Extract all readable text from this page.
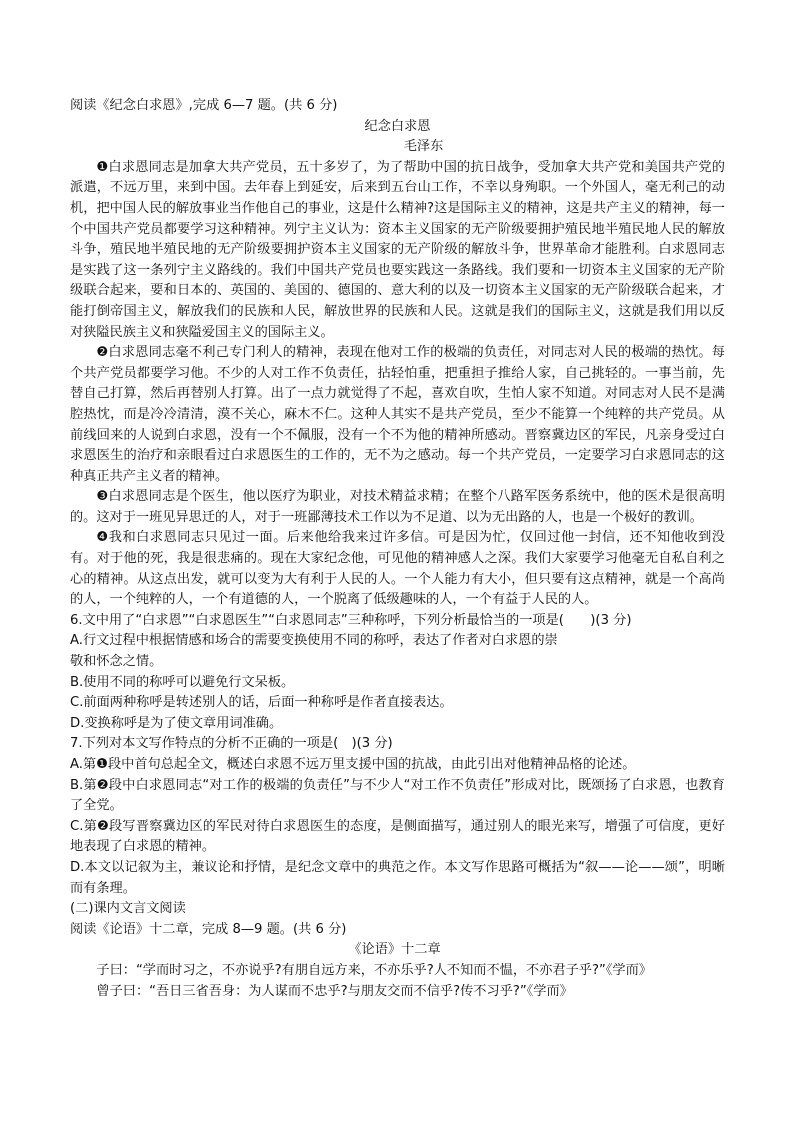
阅读《纪念白求恩》,完成 6—7 题。(共 6 分)

纪念白求恩

毛泽东

❶白求恩同志是加拿大共产党员，五十多岁了，为了帮助中国的抗日战争，受加拿大共产党和美国共产党的派遣，不远万里，来到中国。去年春上到延安，后来到五台山工作，不幸以身殉职。一个外国人，毫无利己的动机，把中国人民的解放事业当作他自己的事业，这是什么精神?这是国际主义的精神，这是共产主义的精神，每一个中国共产党员都要学习这种精神。列宁主义认为：资本主义国家的无产阶级要拥护殖民地半殖民地人民的解放斗争，殖民地半殖民地的无产阶级要拥护资本主义国家的无产阶级的解放斗争，世界革命才能胜利。白求恩同志是实践了这一条列宁主义路线的。我们中国共产党员也要实践这一条路线。我们要和一切资本主义国家的无产阶级联合起来，要和日本的、英国的、美国的、德国的、意大利的以及一切资本主义国家的无产阶级联合起来，才能打倒帝国主义，解放我们的民族和人民，解放世界的民族和人民。这就是我们的国际主义，这就是我们用以反对狭隘民族主义和狭隘爱国主义的国际主义。

❷白求恩同志毫不利己专门利人的精神，表现在他对工作的极端的负责任，对同志对人民的极端的热忱。每个共产党员都要学习他。不少的人对工作不负责任，拈轻怕重，把重担子推给人家，自己挑轻的。一事当前，先替自己打算，然后再替别人打算。出了一点力就觉得了不起，喜欢自吹，生怕人家不知道。对同志对人民不是满腔热忱，而是冷冷清清，漠不关心，麻木不仁。这种人其实不是共产党员，至少不能算一个纯粹的共产党员。从前线回来的人说到白求恩，没有一个不佩服，没有一个不为他的精神所感动。晋察冀边区的军民，凡亲身受过白求恩医生的治疗和亲眼看过白求恩医生的工作的，无不为之感动。每一个共产党员，一定要学习白求恩同志的这种真正共产主义者的精神。

❸白求恩同志是个医生，他以医疗为职业，对技术精益求精；在整个八路军医务系统中，他的医术是很高明的。这对于一班见异思迁的人，对于一班鄙薄技术工作以为不足道、以为无出路的人，也是一个极好的教训。

❹我和白求恩同志只见过一面。后来他给我来过许多信。可是因为忙，仅回过他一封信，还不知他收到没有。对于他的死，我是很悲痛的。现在大家纪念他，可见他的精神感人之深。我们大家要学习他毫无自私自利之心的精神。从这点出发，就可以变为大有利于人民的人。一个人能力有大小，但只要有这点精神，就是一个高尚的人，一个纯粹的人，一个有道德的人，一个脱离了低级趣味的人，一个有益于人民的人。

6.文中用了“白求恩”“白求恩医生”“白求恩同志”三种称呼，下列分析最恰当的一项是(　　)(3 分)

A.行文过程中根据情感和场合的需要变换使用不同的称呼，表达了作者对白求恩的崇

敬和怀念之情。

B.使用不同的称呼可以避免行文呆板。

C.前面两种称呼是转述别人的话，后面一种称呼是作者直接表达。

D.变换称呼是为了使文章用词准确。

7.下列对本文写作特点的分析不正确的一项是(　)(3 分)

A.第❶段中首句总起全文，概述白求恩不远万里支援中国的抗战，由此引出对他精神品格的论述。

B.第❷段中白求恩同志“对工作的极端的负责任”与不少人“对工作不负责任”形成对比，既颂扬了白求恩，也教育了全党。

C.第❷段写晋察冀边区的军民对待白求恩医生的态度，是侧面描写，通过别人的眼光来写，增强了可信度，更好地表现了白求恩的精神。

D.本文以记叙为主，兼议论和抒情，是纪念文章中的典范之作。本文写作思路可概括为“叙——论——颂”，明晰而有条理。

(二)课内文言文阅读

阅读《论语》十二章，完成 8—9 题。(共 6 分)

《论语》十二章

子曰：“学而时习之，不亦说乎?有朋自远方来，不亦乐乎?人不知而不愠，不亦君子乎?”《学而》

曾子曰：“吾日三省吾身：为人谋而不忠乎?与朋友交而不信乎?传不习乎?”《学而》
